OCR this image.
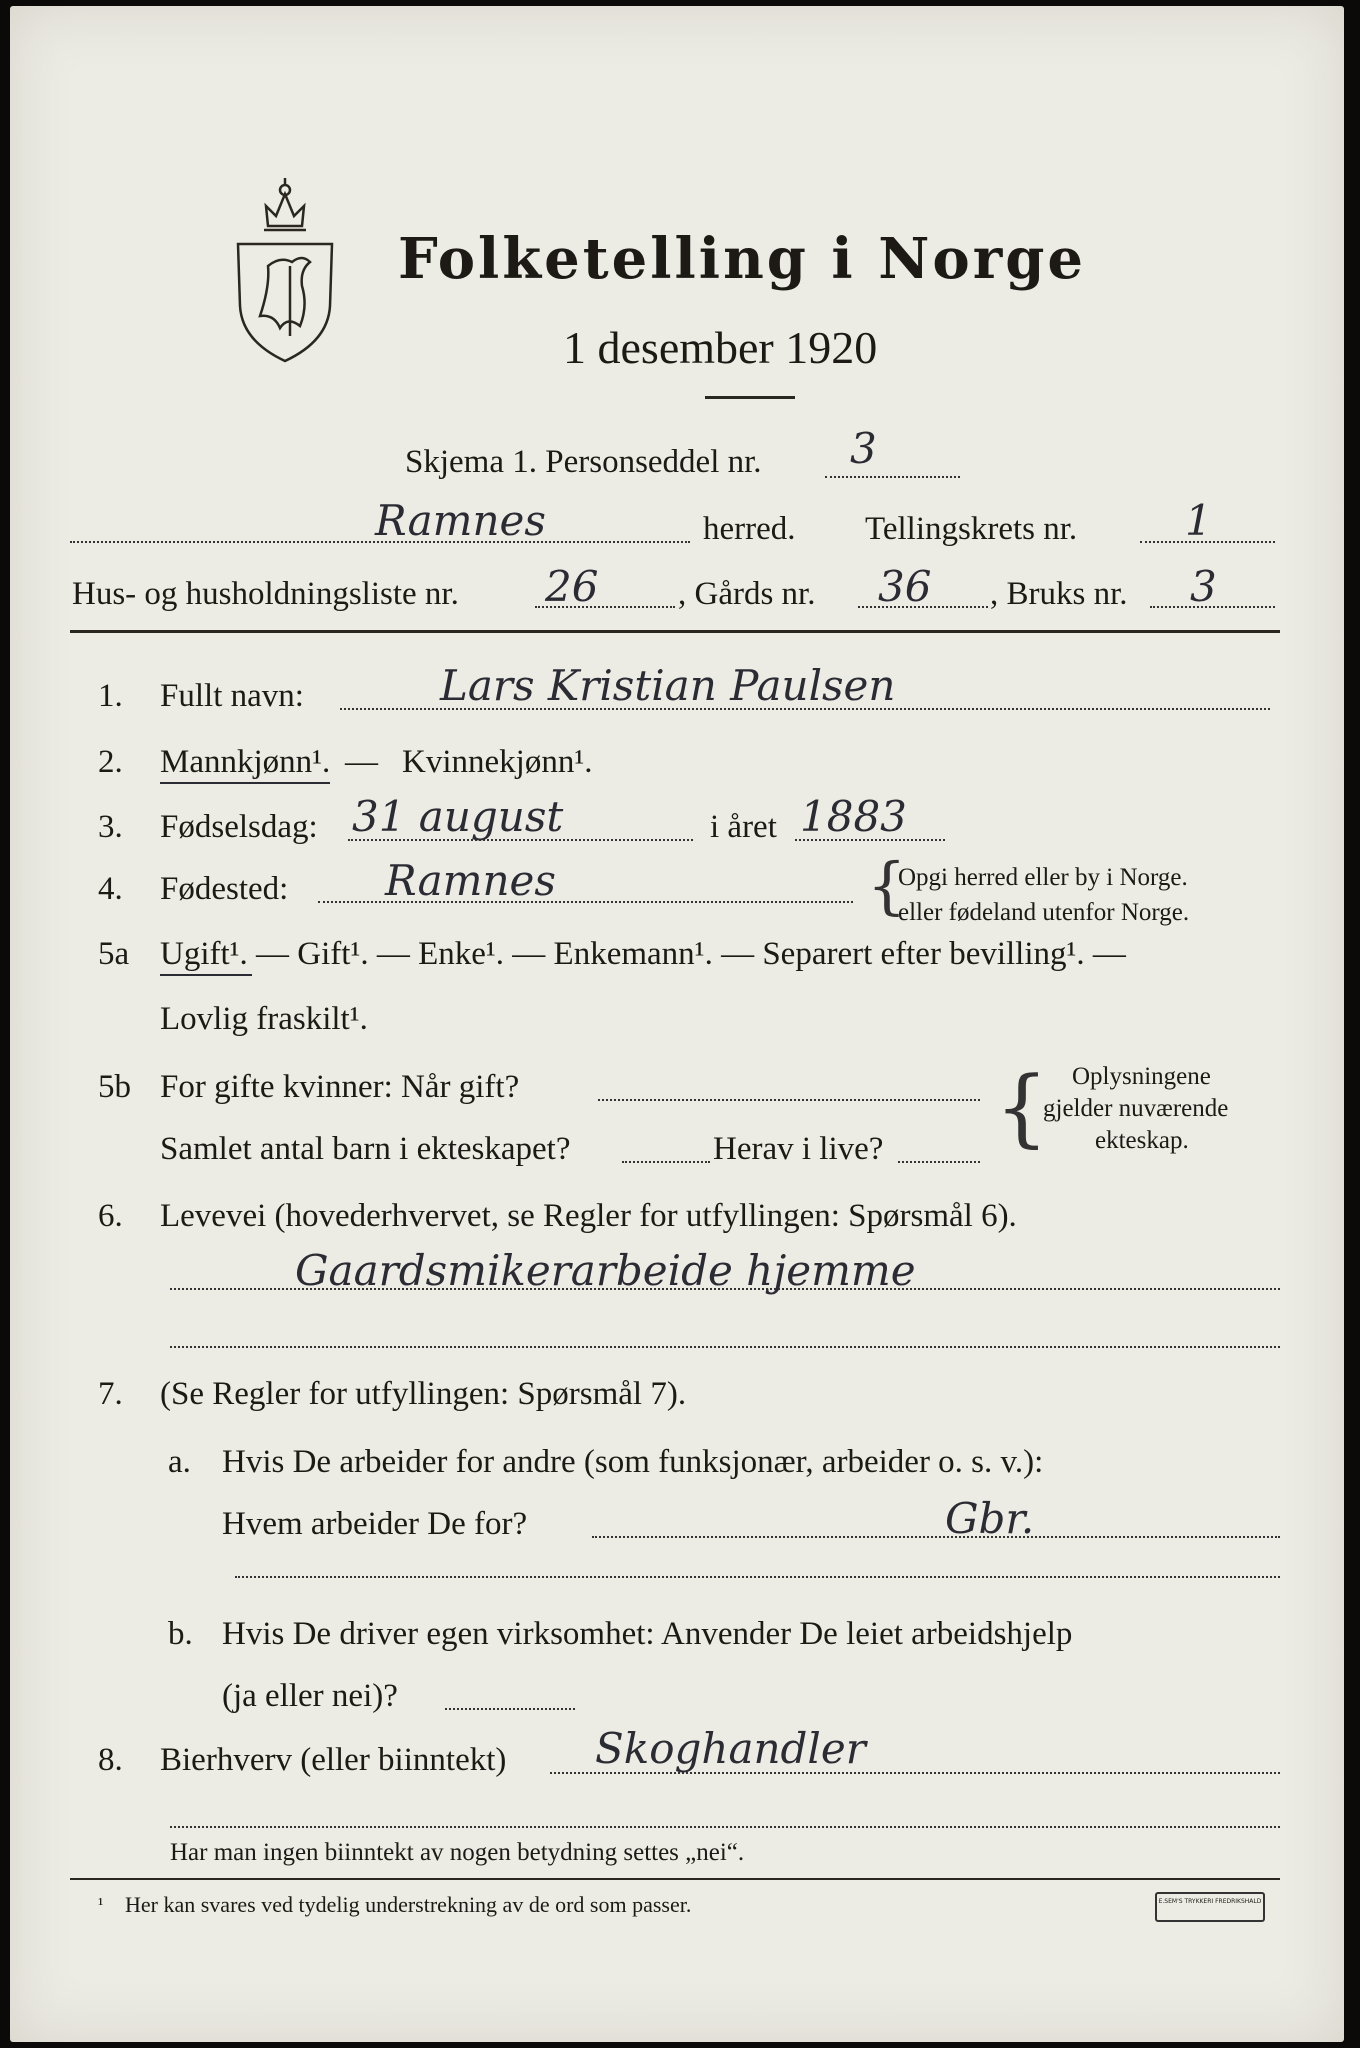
Folketelling i Norge
1 desember 1920
Skjema 1. Personseddel nr. 3
Ramnes	herred. Tellingskrets nr.	1
Hus- og husholdningsliste nr. 26 , Gårds nr. 36 , Bruks nr. 3
1. Fullt navn:	Lars Kristian Paulsen
2. Mannkjønn¹. — Kvinnekjønn¹.
3. Fødselsdag: 31 august	i året 1883
4. Fødested: Ramnes	{
Opgi herred eller by i Norge.
eller fødeland utenfor Norge.
5a Ugift¹. — Gift¹. — Enke¹. — Enkemann¹. — Separert efter bevilling¹. —
Lovlig fraskilt¹.
5b For gifte kvinner: Når gift?
Samlet antal barn i ekteskapet?	Herav i live? { Oplysningene
gjelder nuværende
ekteskap.
6. Levevei (hovederhvervet, se Regler for utfyllingen: Spørsmål 6).
Gaardsmikerarbeide hjemme
7. (Se Regler for utfyllingen: Spørsmål 7).
a. Hvis De arbeider for andre (som funksjonær, arbeider o. s. v.):
Hvem arbeider De for?	Gbr.
b. Hvis De driver egen virksomhet: Anvender De leiet arbeidshjelp
(ja eller nei)?
8. Bierhverv (eller biinntekt) Skoghandler
Har man ingen biinntekt av nogen betydning settes „nei“.
¹ Her kan svares ved tydelig understrekning av de ord som passer.	E.SEM'S TRYKKERI FREDRIKSHALD
